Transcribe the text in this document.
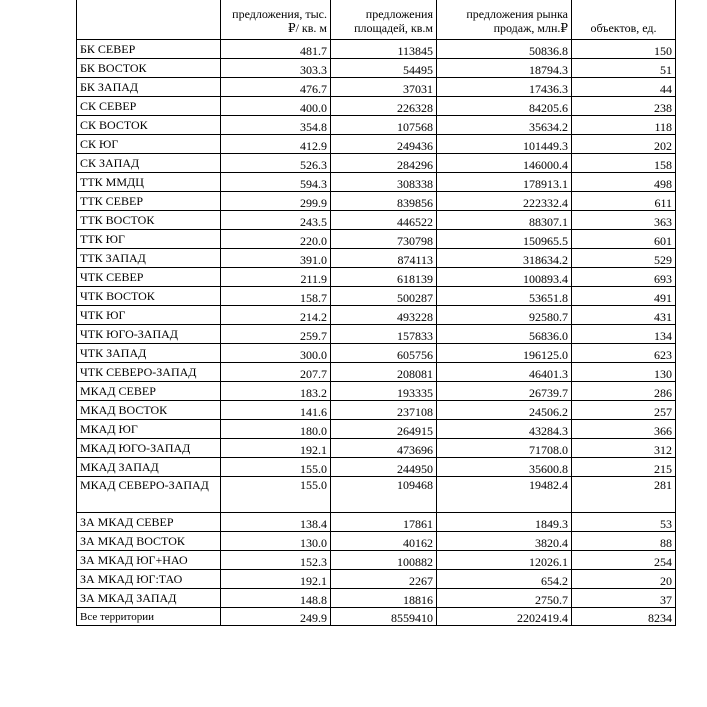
	предложения, тыс.₽/ кв. м	предложения площадей, кв.м	предложения рынка продаж, млн.₽	объектов, ед.
БК СЕВЕР	481.7	113845	50836.8	150
БК ВОСТОК	303.3	54495	18794.3	51
БК ЗАПАД	476.7	37031	17436.3	44
СК СЕВЕР	400.0	226328	84205.6	238
СК ВОСТОК	354.8	107568	35634.2	118
СК ЮГ	412.9	249436	101449.3	202
СК ЗАПАД	526.3	284296	146000.4	158
ТТК ММДЦ	594.3	308338	178913.1	498
ТТК СЕВЕР	299.9	839856	222332.4	611
ТТК ВОСТОК	243.5	446522	88307.1	363
ТТК ЮГ	220.0	730798	150965.5	601
ТТК ЗАПАД	391.0	874113	318634.2	529
ЧТК СЕВЕР	211.9	618139	100893.4	693
ЧТК ВОСТОК	158.7	500287	53651.8	491
ЧТК ЮГ	214.2	493228	92580.7	431
ЧТК ЮГО-ЗАПАД	259.7	157833	56836.0	134
ЧТК ЗАПАД	300.0	605756	196125.0	623
ЧТК СЕВЕРО-ЗАПАД	207.7	208081	46401.3	130
МКАД СЕВЕР	183.2	193335	26739.7	286
МКАД ВОСТОК	141.6	237108	24506.2	257
МКАД ЮГ	180.0	264915	43284.3	366
МКАД ЮГО-ЗАПАД	192.1	473696	71708.0	312
МКАД ЗАПАД	155.0	244950	35600.8	215
МКАД СЕВЕРО-ЗАПАД	155.0	109468	19482.4	281
ЗА МКАД СЕВЕР	138.4	17861	1849.3	53
ЗА МКАД ВОСТОК	130.0	40162	3820.4	88
ЗА МКАД ЮГ+НАО	152.3	100882	12026.1	254
ЗА МКАД ЮГ:ТАО	192.1	2267	654.2	20
ЗА МКАД ЗАПАД	148.8	18816	2750.7	37
Все территории	249.9	8559410	2202419.4	8234
